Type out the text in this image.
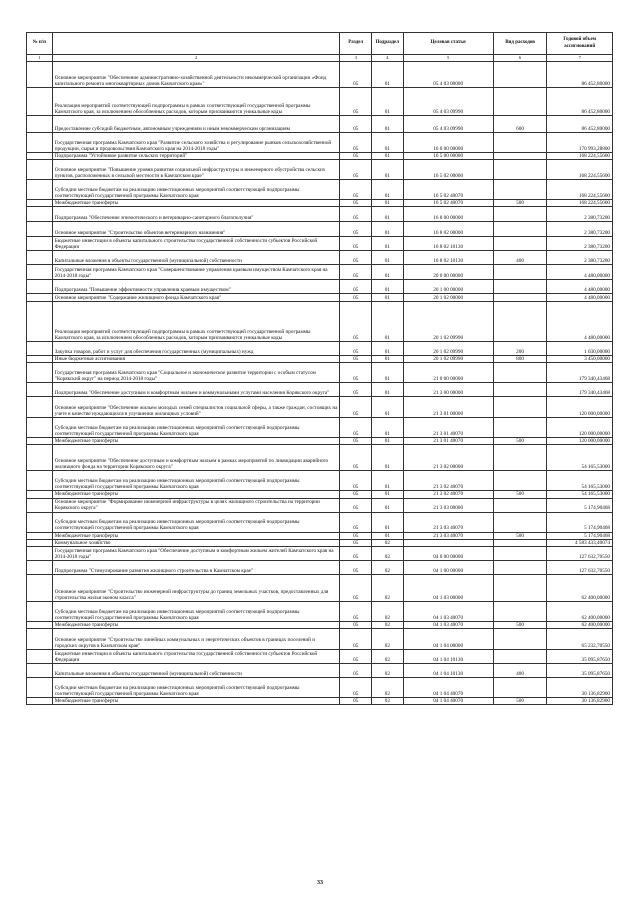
№ п/п		Раздел	Подраздел	Целевая статья	Вид расходов	Годовой объем ассигнований
1	2	3	4	5	6	7
	Основное мероприятие "Обеспечение административно-хозяйственной деятельности некоммерческой организации «Фонд капитального ремонта многоквартирных домов Камчатского края»"	05	01	05 4 03 00000		86 452,80000
	Реализация мероприятий соответствующей подпрограммы в рамках соответствующей государственной программы Камчатского края, за исключением обособленных расходов, которым присваиваются уникальные коды	05	01	05 4 03 09990		86 452,80000
	Предоставление субсидий бюджетным, автономным учреждениям и иным некоммерческим организациям	05	01	05 4 03 09990	600	86 452,80000
	Государственная программа Камчатского края "Развитие сельского хозяйства и регулирование рынков сельскохозяйственной продукции, сырья и продовольствия Камчатского края на 2014-2018 годы"	05	01	16 0 00 00000		170 993,28800
	Подпрограмма "Устойчивое развитие сельских территорий"	05	01	16 5 00 00000		168 224,55600
	Основное мероприятие "Повышение уровня развития социальной инфраструктуры и инженерного обустройства сельских пунктов, расположенных в сельской местности в Камчатском крае"	05	01	16 5 02 00000		168 224,55600
	Субсидии местным бюджетам на реализацию инвестиционных мероприятий соответствующей подпрограммы соответствующей государственной программы Камчатского края	05	01	16 5 02 40070		168 224,55600
	Межбюджетные трансферты	05	01	16 5 02 40070	500	168 224,55600
	Подпрограмма "Обеспечение эпизоотического и ветеринарно-санитарного благополучия"	05	01	16 8 00 00000		2 380,73200
	Основное мероприятие "Строительство объектов ветеринарного назначения"	05	01	16 8 02 00000		2 380,73200
	Бюджетные инвестиции в объекты капитального строительства государственной собственности субъектов Российской Федерации	05	01	16 8 02 10130		2 380,73200
	Капитальные вложения в объекты государственной (муниципальной) собственности	05	01	16 8 02 10130	400	2 380,73200
	Государственная программа Камчатского края "Совершенствование управления краевым имуществом Камчатского края на 2014-2018 годы"	05	01	20 0 00 00000		4 480,00000
	Подпрограмма "Повышение эффективности управления краевым имуществом"	05	01	20 1 00 00000		4 480,00000
	Основное мероприятие "Содержание жилищного фонда Камчатского края"	05	01	20 1 02 00000		4 480,00000
	Реализация мероприятий соответствующей подпрограммы в рамках соответствующей государственной программы Камчатского края, за исключением обособленных расходов, которым присваиваются уникальные коды	05	01	20 1 02 09990		4 480,00000
	Закупка товаров, работ и услуг для обеспечения государственных (муниципальных) нужд	05	01	20 1 02 09990	200	1 030,00000
	Иные бюджетные ассигнования	05	01	20 1 02 09990	800	3 450,00000
	Государственная программа Камчатского края "Социальное и экономическое развитие территории с особым статусом "Корякский округ" на период 2014-2018 годы"	05	01	21 0 00 00000		179 340,43468
	Подпрограмма "Обеспечение доступным и комфортным жильем и коммунальными услугами населения Корякского округа"	05	01	21 3 00 00000		179 340,43468
	Основное мероприятие "Обеспечение жильем молодых семей специалистов социальной сферы, а также граждан, состоящих на учете в качестве нуждающихся в улучшении жилищных условий"	05	01	21 3 01 00000		120 000,00000
	Субсидии местным бюджетам на реализацию инвестиционных мероприятий соответствующей подпрограммы соответствующей государственной программы Камчатского края	05	01	21 3 01 40070		120 000,00000
	Межбюджетные трансферты	05	01	21 3 01 40070	500	120 000,00000
	Основное мероприятие "Обеспечение доступным и комфортным жильем в рамках мероприятий по ликвидации аварийного жилищного фонда на территории Корякского округа"	05	01	21 3 02 00000		54 165,53000
	Субсидии местным бюджетам на реализацию инвестиционных мероприятий соответствующей подпрограммы соответствующей государственной программы Камчатского края	05	01	21 3 02 40070		54 165,53000
	Межбюджетные трансферты	05	01	21 3 02 40070	500	54 165,53000
	Основное мероприятие "Формирование инженерной инфраструктуры в целях жилищного строительства на территории Корякского округа"	05	01	21 3 03 00000		5 174,90468
	Субсидии местным бюджетам на реализацию инвестиционных мероприятий соответствующей подпрограммы соответствующей государственной программы Камчатского края	05	01	21 3 03 40070		5 174,90468
	Межбюджетные трансферты	05	01	21 3 03 40070	500	5 174,90468
	Коммунальное хозяйство	05	02			4 583 433,40074
	Государственная программа Камчатского края "Обеспечение доступным и комфортным жильем жителей Камчатского края на 2014-2018 годы"	05	02	04 0 00 00000		127 632,70550
	Подпрограмма "Стимулирование развития жилищного строительства в Камчатском крае"	05	02	04 1 00 00000		127 632,70550
	Основное мероприятие "Строительство инженерной инфраструктуры до границ земельных участков, предоставленных для строительства жилья эконом класса"	05	02	04 1 03 00000		62 400,00000
	Субсидии местным бюджетам на реализацию инвестиционных мероприятий соответствующей подпрограммы соответствующей государственной программы Камчатского края	05	02	04 1 03 40070		62 400,00000
	Межбюджетные трансферты	05	02	04 1 03 40070	500	62 400,00000
	Основное мероприятие "Строительство линейных коммунальных и энергетических объектов в границах поселений и городских округов в Камчатском крае"	05	02	04 1 04 00000		65 232,70550
	Бюджетные инвестиции в объекты капитального строительства государственной собственности субъектов Российской Федерации	05	02	04 1 04 10130		35 095,87650
	Капитальные вложения в объекты государственной (муниципальной) собственности	05	02	04 1 04 10130	400	35 095,87650
	Субсидии местным бюджетам на реализацию инвестиционных мероприятий соответствующей подпрограммы соответствующей государственной программы Камчатского края	05	02	04 1 04 40070		30 136,82900
	Межбюджетные трансферты	05	02	04 1 04 40070	500	30 136,82900
33
